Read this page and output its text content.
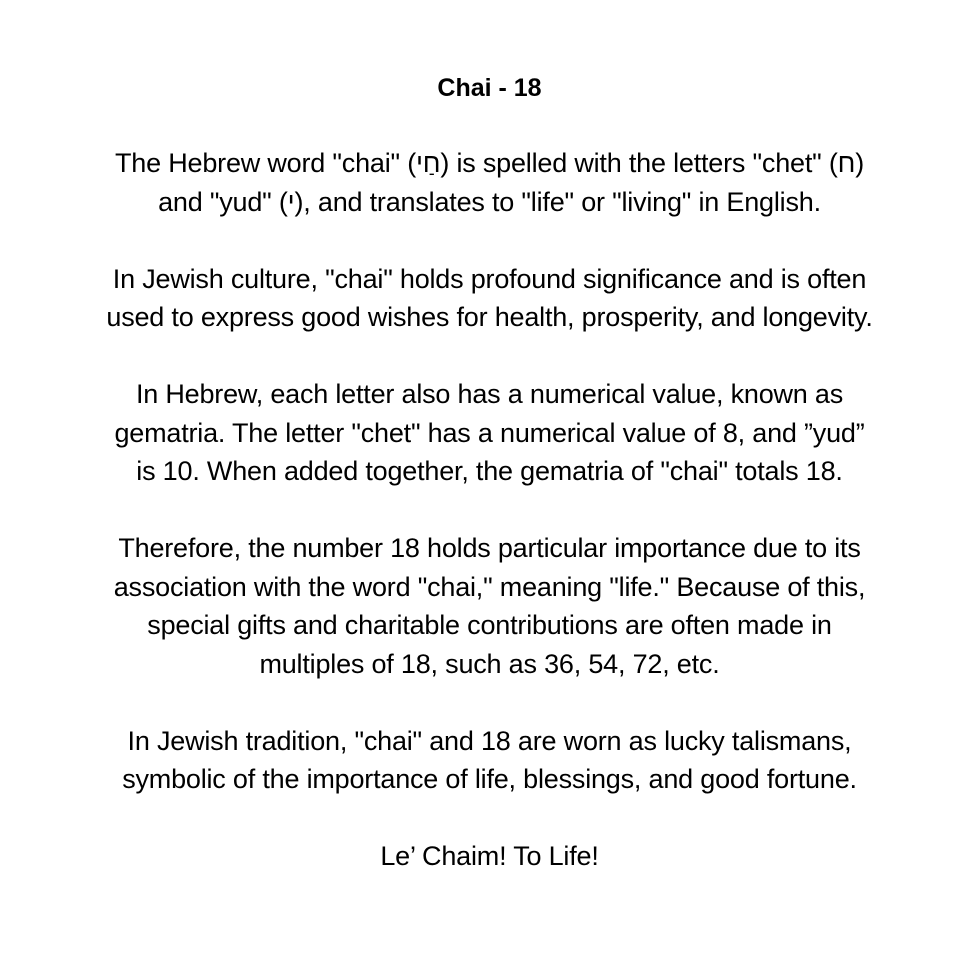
Chai - 18

The Hebrew word "chai" (חַי) is spelled with the letters "chet" (ח)
and "yud" (י), and translates to "life" or "living" in English.

In Jewish culture, "chai" holds profound significance and is often
used to express good wishes for health, prosperity, and longevity.

In Hebrew, each letter also has a numerical value, known as
gematria. The letter "chet" has a numerical value of 8, and ”yud”
is 10. When added together, the gematria of "chai" totals 18.

Therefore, the number 18 holds particular importance due to its
association with the word "chai," meaning "life." Because of this,
special gifts and charitable contributions are often made in
multiples of 18, such as 36, 54, 72, etc.

In Jewish tradition, "chai" and 18 are worn as lucky talismans,
symbolic of the importance of life, blessings, and good fortune.

Le’ Chaim! To Life!
